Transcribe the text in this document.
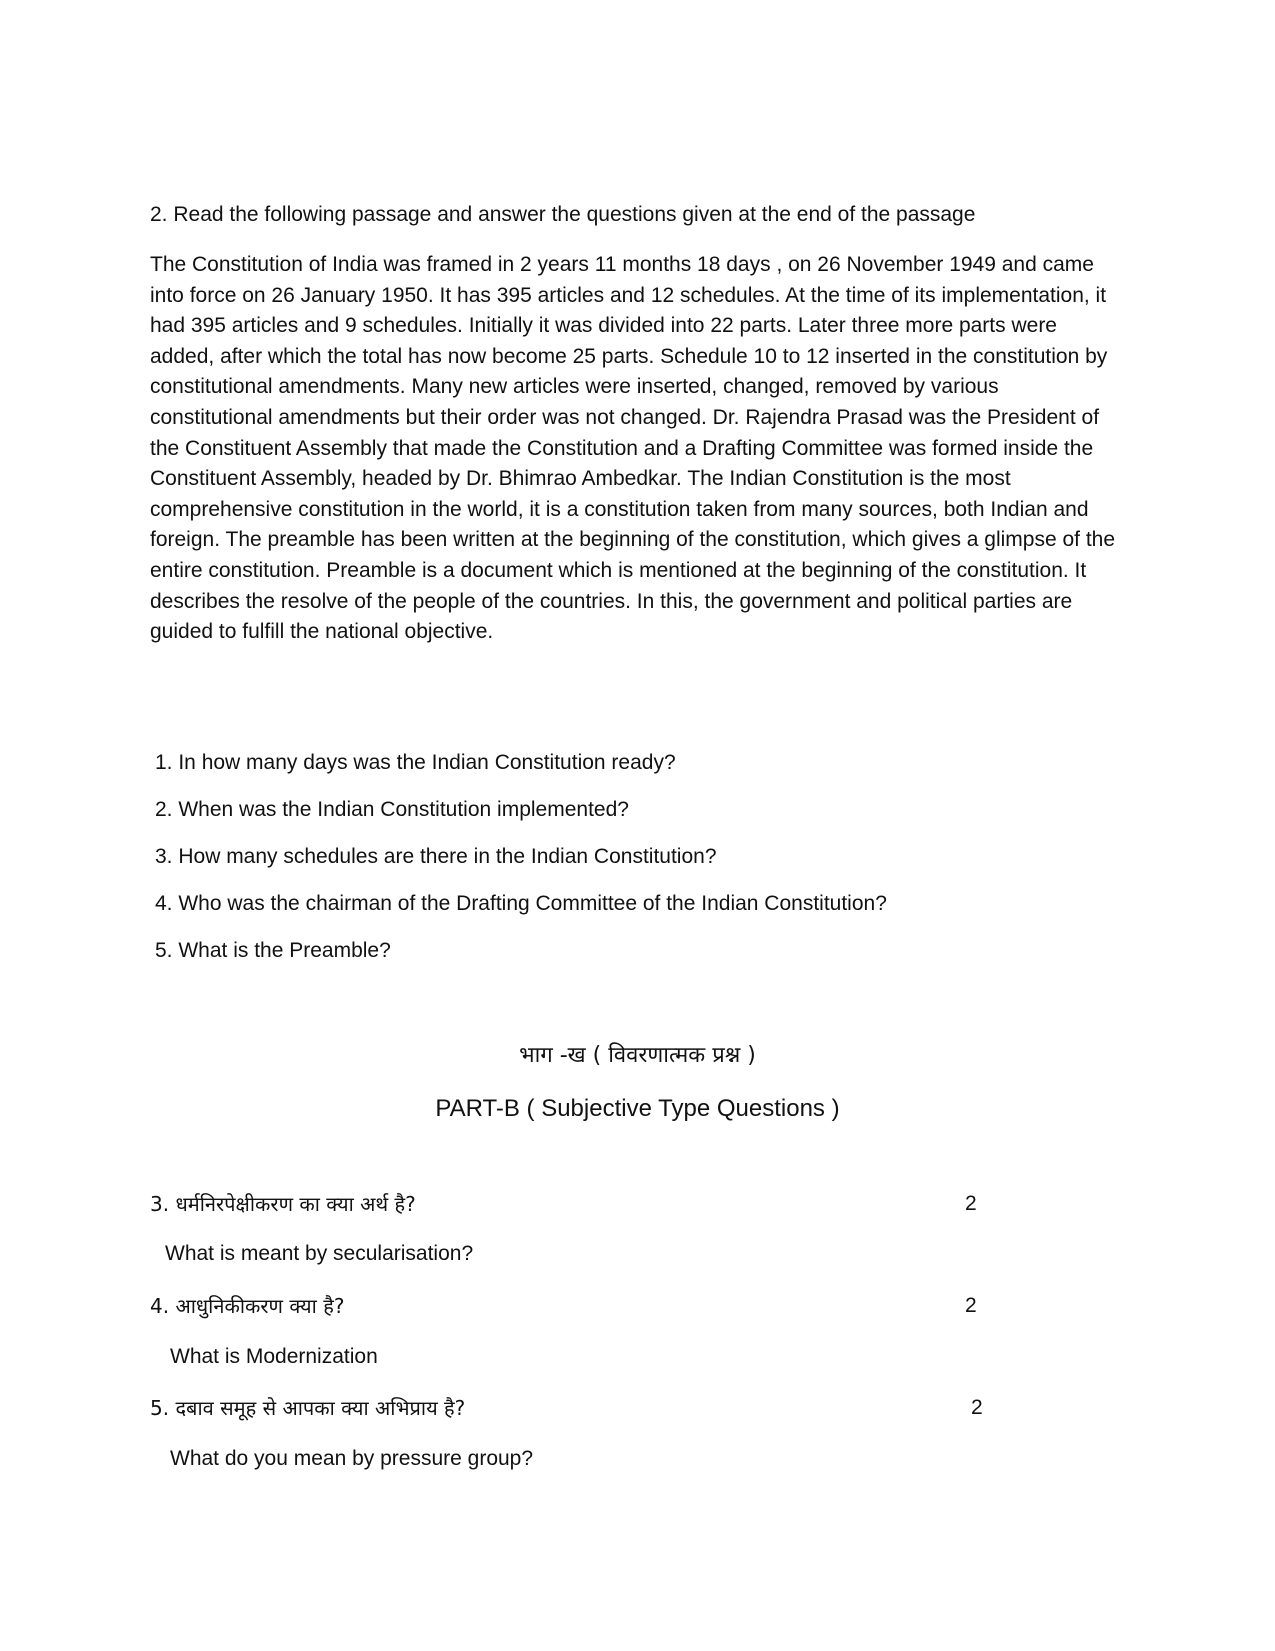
2. Read the following passage and answer the questions given at the end of the passage

The Constitution of India was framed in 2 years 11 months 18 days , on 26 November 1949 and came into force on 26 January 1950. It has 395 articles and 12 schedules. At the time of its implementation, it had 395 articles and 9 schedules. Initially it was divided into 22 parts. Later three more parts were added, after which the total has now become 25 parts. Schedule 10 to 12 inserted in the constitution by constitutional amendments. Many new articles were inserted, changed, removed by various constitutional amendments but their order was not changed. Dr. Rajendra Prasad was the President of the Constituent Assembly that made the Constitution and a Drafting Committee was formed inside the Constituent Assembly, headed by Dr. Bhimrao Ambedkar. The Indian Constitution is the most comprehensive constitution in the world, it is a constitution taken from many sources, both Indian and foreign. The preamble has been written at the beginning of the constitution, which gives a glimpse of the entire constitution. Preamble is a document which is mentioned at the beginning of the constitution. It describes the resolve of the people of the countries. In this, the government and political parties are guided to fulfill the national objective.

1. In how many days was the Indian Constitution ready?
2. When was the Indian Constitution implemented?
3. How many schedules are there in the Indian Constitution?
4. Who was the chairman of the Drafting Committee of the Indian Constitution?
5. What is the Preamble?
भाग -ख ( विवरणात्मक प्रश्न )
PART-B ( Subjective Type Questions )
3. धर्मनिरपेक्षीकरण का क्या अर्थ है?	2
What is meant by secularisation?
4. आधुनिकीकरण क्या है?	2
What is Modernization
5. दबाव समूह से आपका क्या अभिप्राय है?	2
What do you mean by pressure group?
